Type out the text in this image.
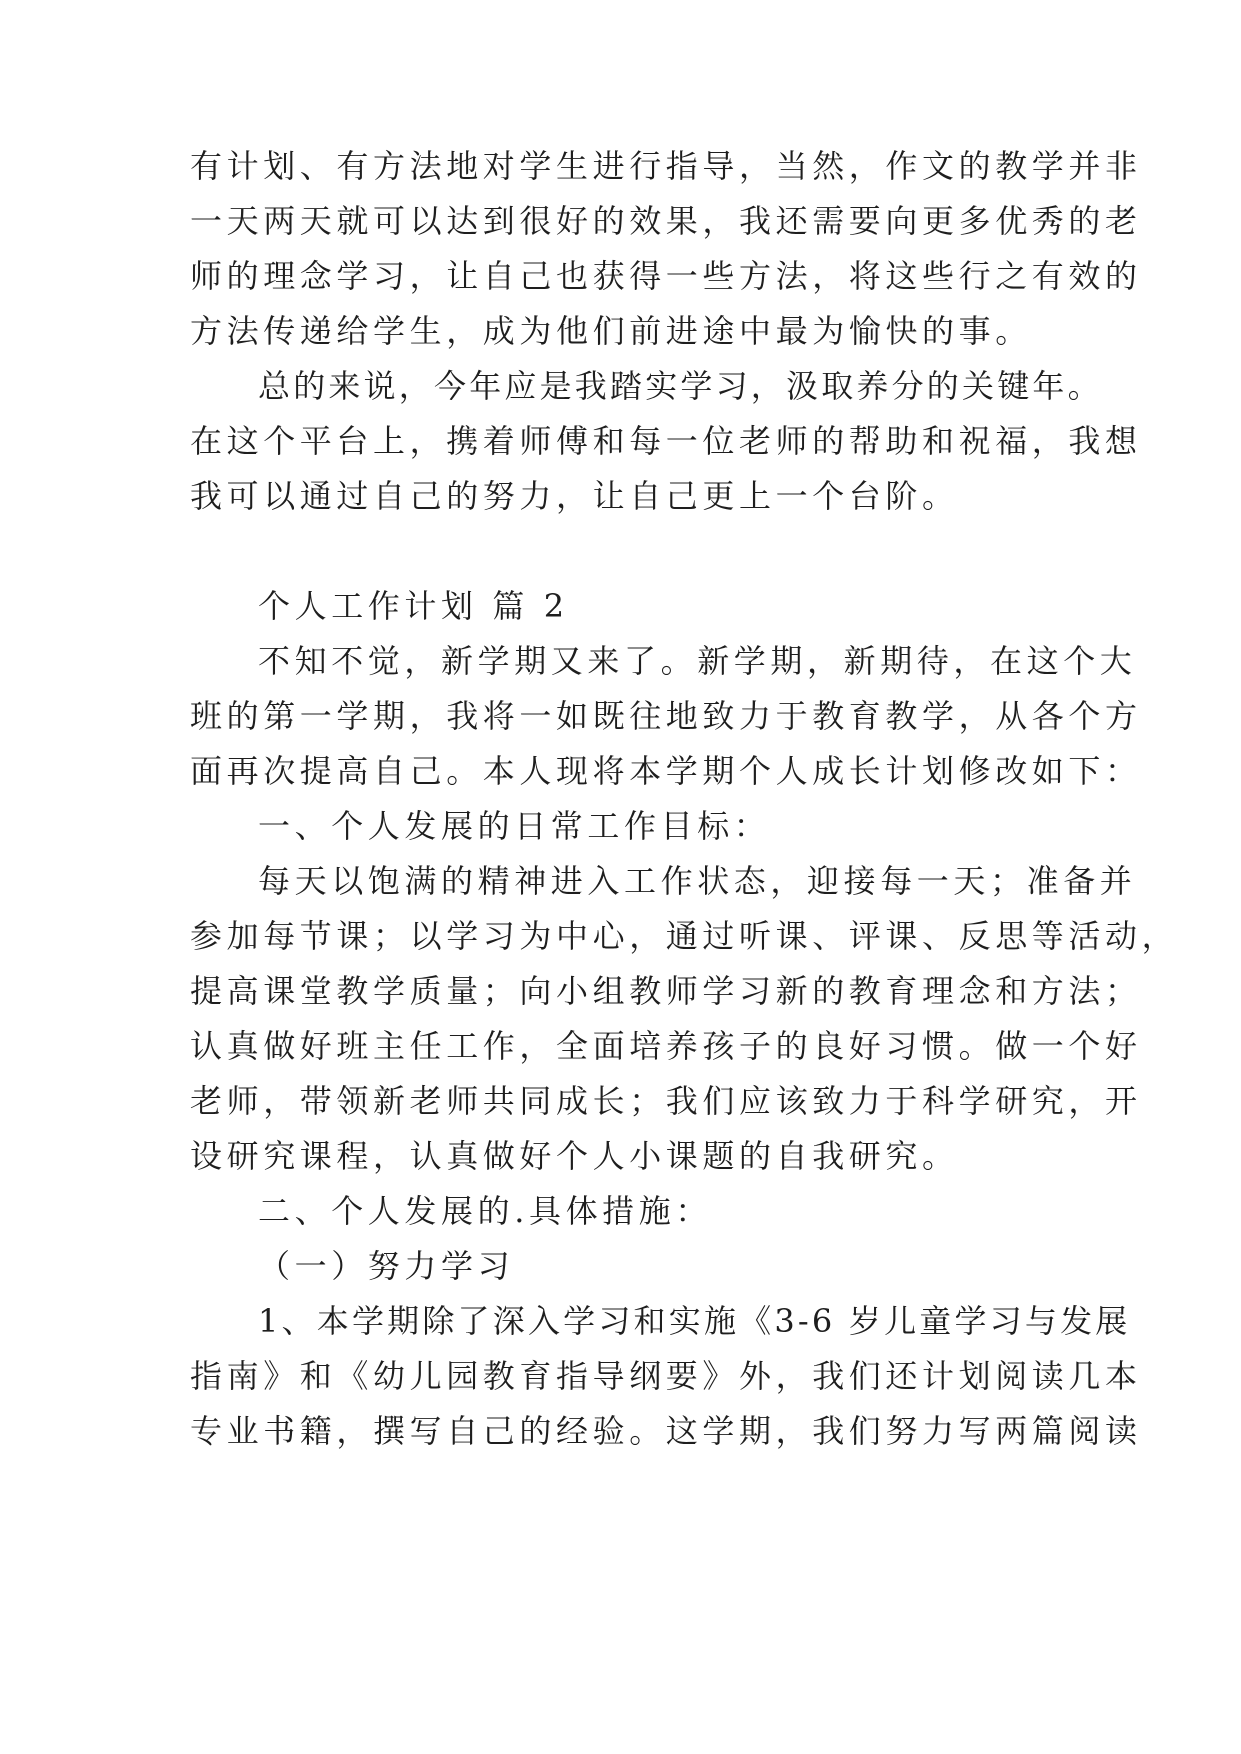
有计划、有方法地对学生进行指导，当然，作文的教学并非

一天两天就可以达到很好的效果，我还需要向更多优秀的老

师的理念学习，让自己也获得一些方法，将这些行之有效的

方法传递给学生，成为他们前进途中最为愉快的事。

总的来说，今年应是我踏实学习，汲取养分的关键年。

在这个平台上，携着师傅和每一位老师的帮助和祝福，我想

我可以通过自己的努力，让自己更上一个台阶。

个人工作计划 篇 2

不知不觉，新学期又来了。新学期，新期待，在这个大

班的第一学期，我将一如既往地致力于教育教学，从各个方

面再次提高自己。本人现将本学期个人成长计划修改如下：

一、个人发展的日常工作目标：

每天以饱满的精神进入工作状态，迎接每一天；准备并

参加每节课；以学习为中心，通过听课、评课、反思等活动，

提高课堂教学质量；向小组教师学习新的教育理念和方法；

认真做好班主任工作，全面培养孩子的良好习惯。做一个好

老师，带领新老师共同成长；我们应该致力于科学研究，开

设研究课程，认真做好个人小课题的自我研究。

二、个人发展的.具体措施：

（一）努力学习

1、本学期除了深入学习和实施《3-6 岁儿童学习与发展

指南》和《幼儿园教育指导纲要》外，我们还计划阅读几本

专业书籍，撰写自己的经验。这学期，我们努力写两篇阅读
